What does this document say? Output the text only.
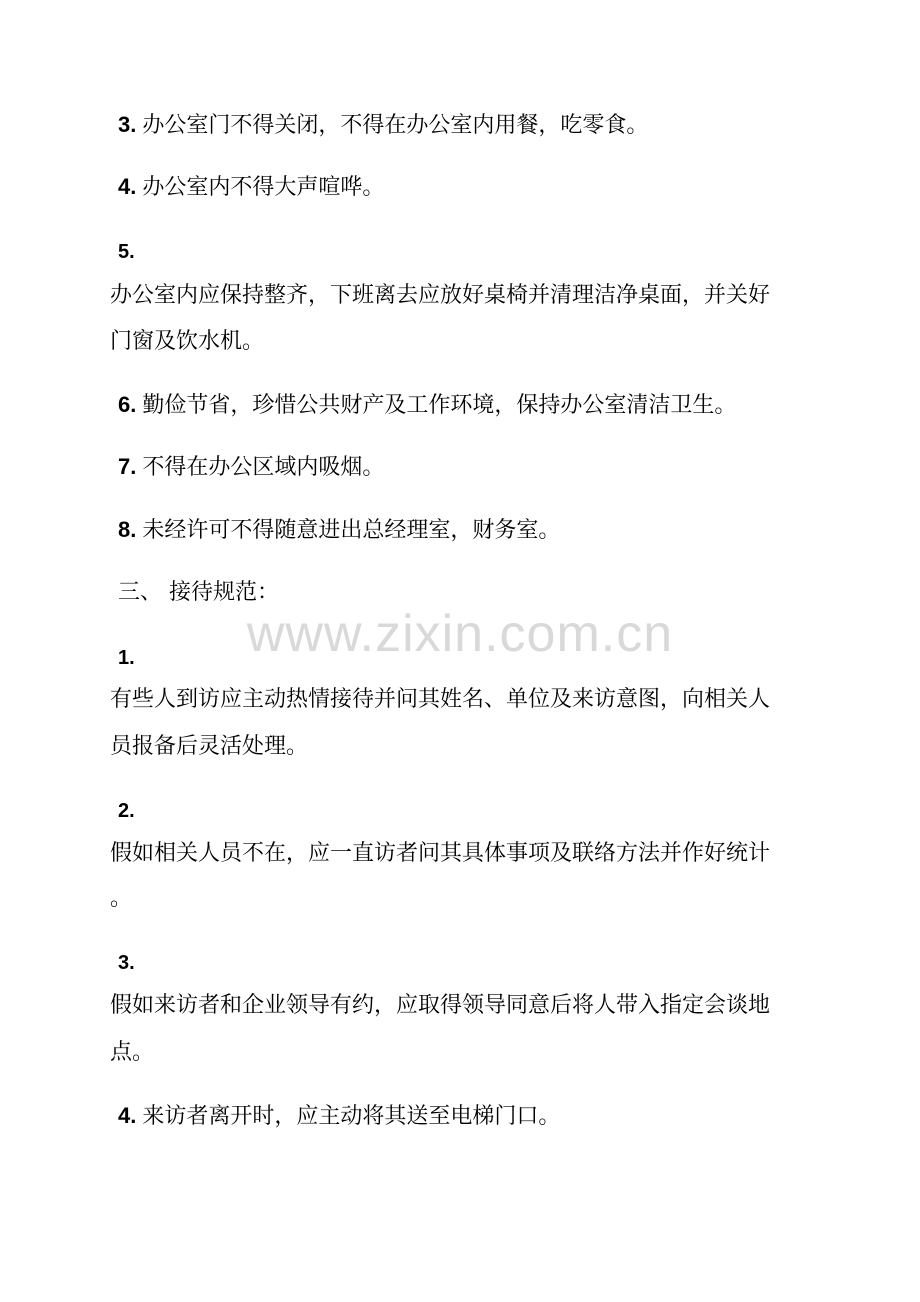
3. 办公室门不得关闭，不得在办公室内用餐，吃零食。
4. 办公室内不得大声喧哗。
5.
办公室内应保持整齐，下班离去应放好桌椅并清理洁净桌面，并关好
门窗及饮水机。
6. 勤俭节省，珍惜公共财产及工作环境，保持办公室清洁卫生。
7. 不得在办公区域内吸烟。
8. 未经许可不得随意进出总经理室，财务室。
三、 接待规范：
www.zixin.com.cn
1.
有些人到访应主动热情接待并问其姓名、单位及来访意图，向相关人
员报备后灵活处理。
2.
假如相关人员不在，应一直访者问其具体事项及联络方法并作好统计
。
3.
假如来访者和企业领导有约，应取得领导同意后将人带入指定会谈地
点。
4. 来访者离开时，应主动将其送至电梯门口。
